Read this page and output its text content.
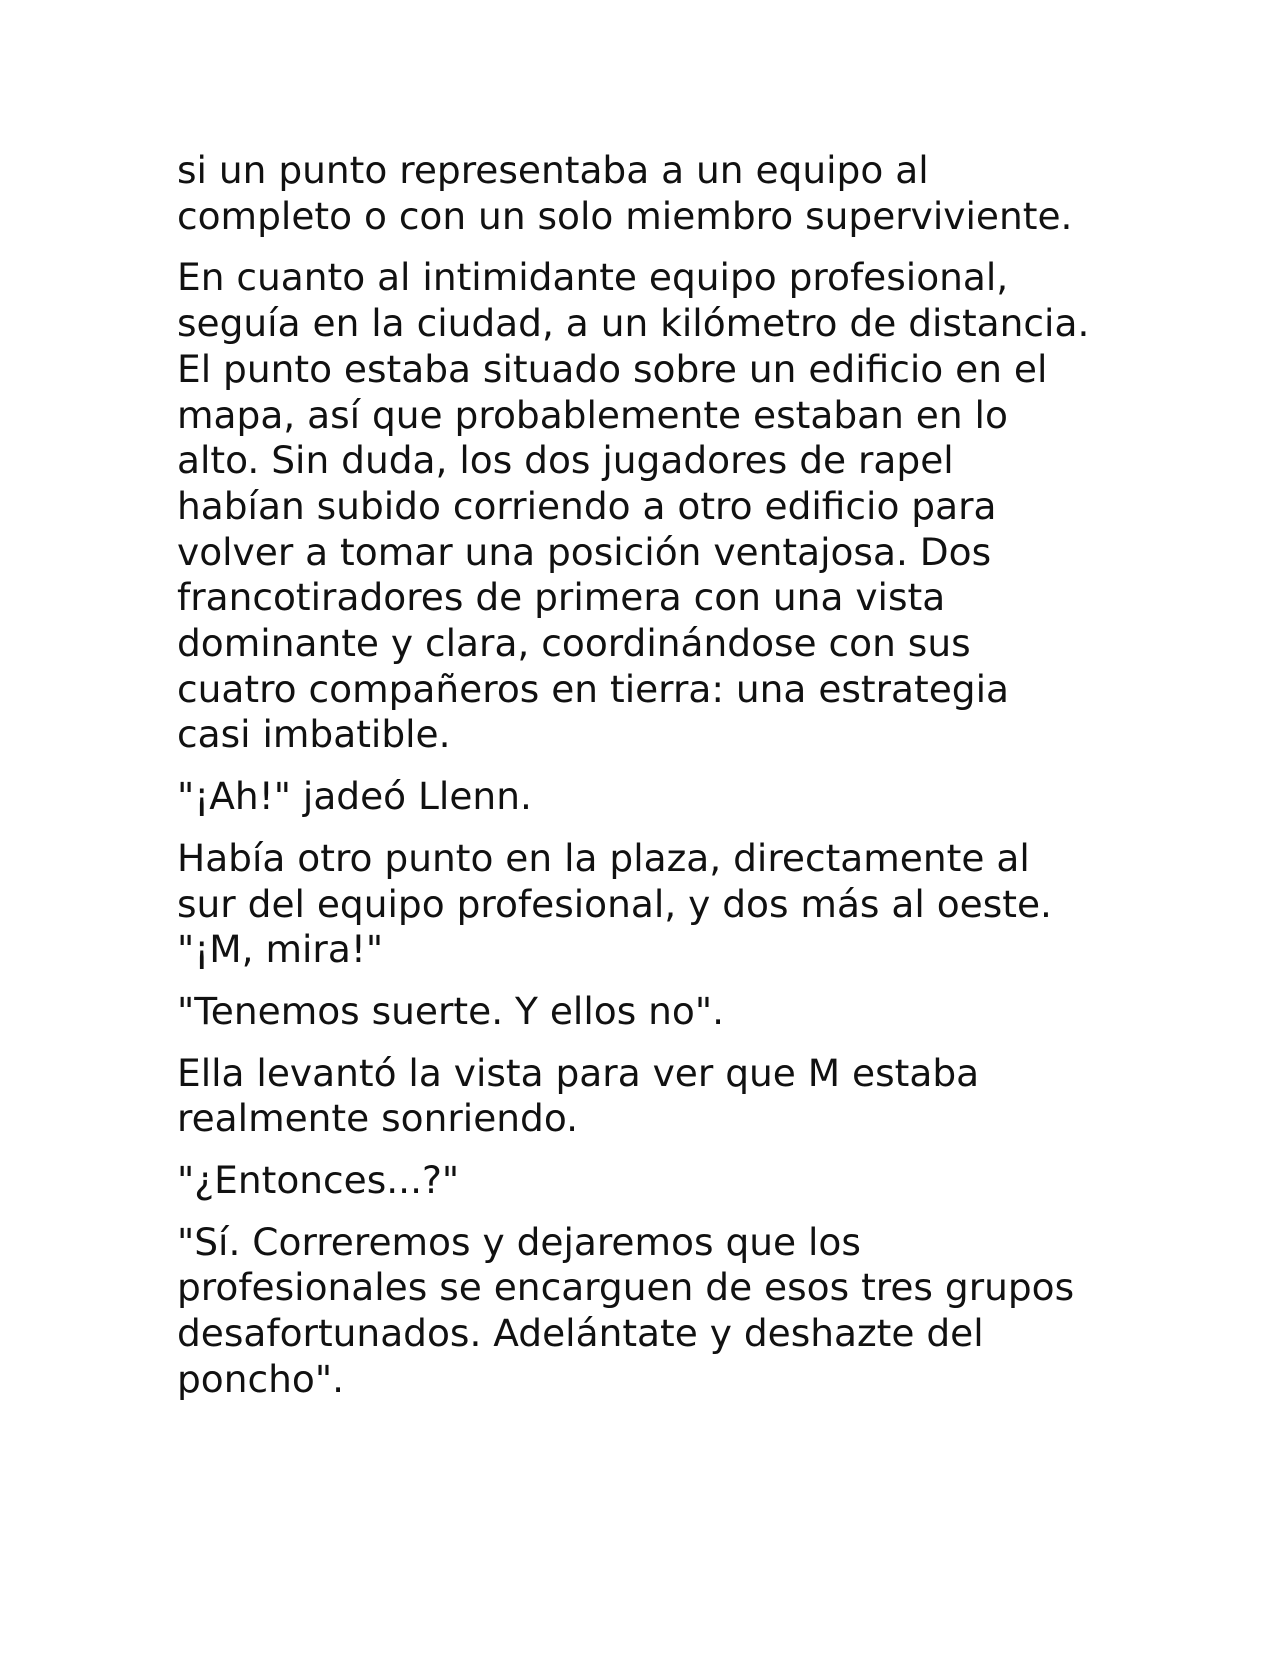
si un punto representaba a un equipo al
completo o con un solo miembro superviviente.

En cuanto al intimidante equipo profesional,
seguía en la ciudad, a un kilómetro de distancia.
El punto estaba situado sobre un edificio en el
mapa, así que probablemente estaban en lo
alto. Sin duda, los dos jugadores de rapel
habían subido corriendo a otro edificio para
volver a tomar una posición ventajosa. Dos
francotiradores de primera con una vista
dominante y clara, coordinándose con sus
cuatro compañeros en tierra: una estrategia
casi imbatible.

"¡Ah!" jadeó Llenn.

Había otro punto en la plaza, directamente al
sur del equipo profesional, y dos más al oeste.
"¡M, mira!"

"Tenemos suerte. Y ellos no".

Ella levantó la vista para ver que M estaba
realmente sonriendo.

"¿Entonces...?"

"Sí. Correremos y dejaremos que los
profesionales se encarguen de esos tres grupos
desafortunados. Adelántate y deshazte del
poncho".
